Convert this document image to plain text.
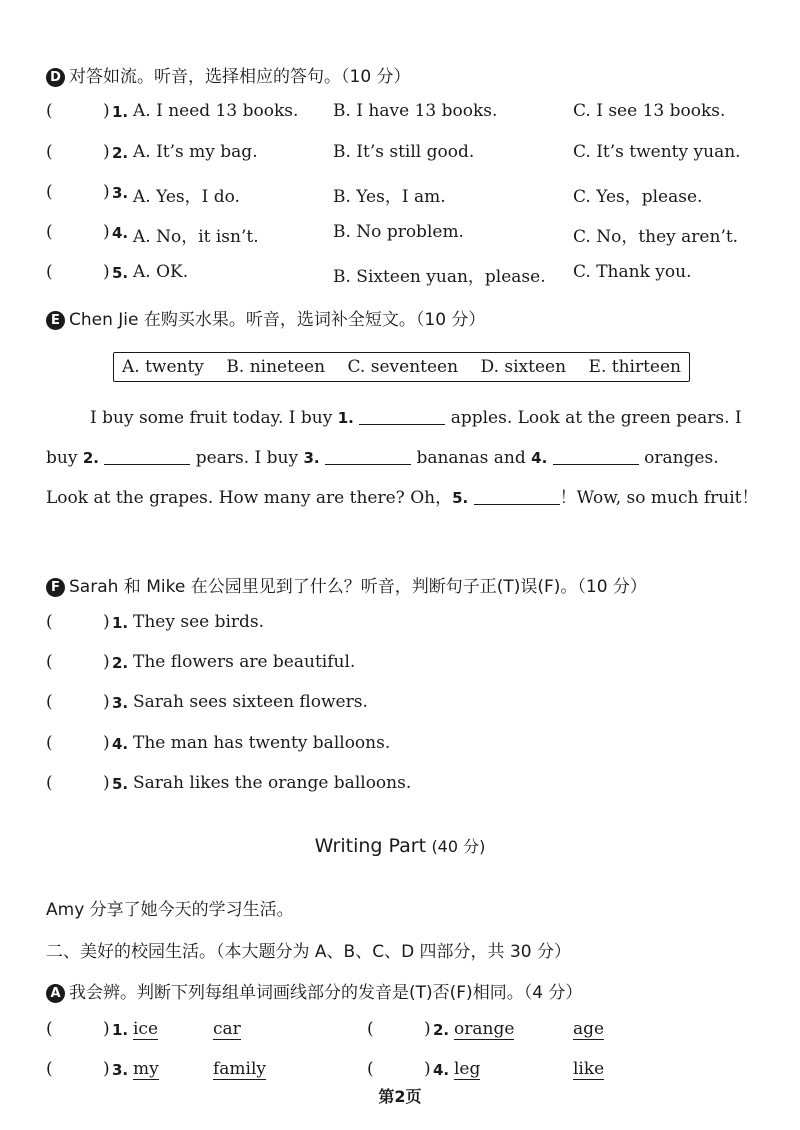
D 对答如流。听音，选择相应的答句。（10 分）
(	) 1. A. I need 13 books. B. I have 13 books.	C. I see 13 books.
(	) 2. A. It’s my bag.	B. It’s still good.	C. It’s twenty yuan.
(	) 3. A. Yes，I do.	B. Yes，I am.	C. Yes，please.
(	) 4. A. No，it isn’t.	B. No problem.	C. No，they aren’t.
(	) 5. A. OK.	B. Sixteen yuan，please. C. Thank you.
E Chen Jie 在购买水果。听音，选词补全短文。（10 分）
A. twenty B. nineteen C. seventeen D. sixteen E. thirteen
I buy some fruit today. I buy 1.	apples. Look at the green pears. I buy 2.	pears. I buy 3.	bananas and 4.	oranges. Look at the grapes. How many are there? Oh，5.	！Wow, so much fruit！
F Sarah 和 Mike 在公园里见到了什么？听音，判断句子正(T)误(F)。（10 分）
(	) 1. They see birds.
(	) 2. The flowers are beautiful.
(	) 3. Sarah sees sixteen flowers.
(	) 4. The man has twenty balloons.
(	) 5. Sarah likes the orange balloons.
Writing Part (40 分)
Amy 分享了她今天的学习生活。
二、美好的校园生活。（本大题分为 A、B、C、D 四部分，共 30 分）
A 我会辨。判断下列每组单词画线部分的发音是(T)否(F)相同。（4 分）
(	) 1. ice	car	(	) 2. orange	age
(	) 3. my	family	(	) 4. leg	like
第2页
